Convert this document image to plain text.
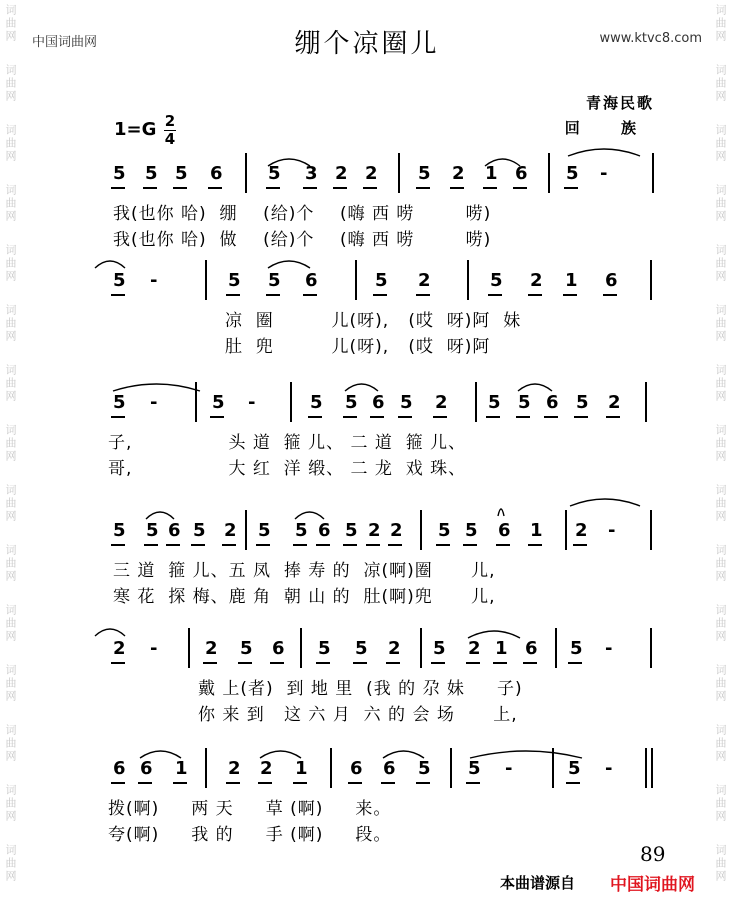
词曲网
词曲网
词曲网
词曲网
词曲网
词曲网
词曲网
词曲网
词曲网
词曲网
词曲网
词曲网
词曲网
词曲网
词曲网
词曲网
词曲网
词曲网
词曲网
词曲网
词曲网
词曲网
词曲网
词曲网
词曲网
词曲网
词曲网
词曲网
词曲网
词曲网
中国词曲网	www.ktvc8.com
绷个凉圈儿
青海民歌
回 族
1=G 2
4
5 5 5 6	5 3 2 2 5 2 1 6 5 -
我(也你 哈)  绷    (给)个    (嗨 西 唠        唠)
我(也你 哈)  做    (给)个    (嗨 西 唠        唠)
5 -	5 5 6	5 2	5 2 1 6
凉  圈         儿(呀),   (哎  呀)阿  妹
肚  兜         儿(呀),   (哎  呀)阿
5 -	5 -	5 5 6 5 2 5 5 6 5 2
子,               头 道  箍 儿、 二 道  箍 儿、
哥,               大 红  洋 缎、 二 龙  戏 珠、
5 5 6 5 2 5 5 6 5 2 2 5 5 6 1 2 -
三 道  箍 儿、五 凤  捧 寿 的  凉(啊)圈      儿,
寒 花  探 梅、鹿 角  朝 山 的  肚(啊)兜      儿,
2 -	2 5 6 5 5 2 5 2 1 6 5 -
戴 上(者)  到 地 里  (我 的 尕 妹     子)
你 来 到   这 六 月  六 的 会 场      上,
6 6 1 2 2 1 6 6 5 5 -	5 -
拨(啊)     两 天     草 (啊)     来。
夸(啊)     我 的     手 (啊)     段。
89
本曲谱源自 中国词曲网
